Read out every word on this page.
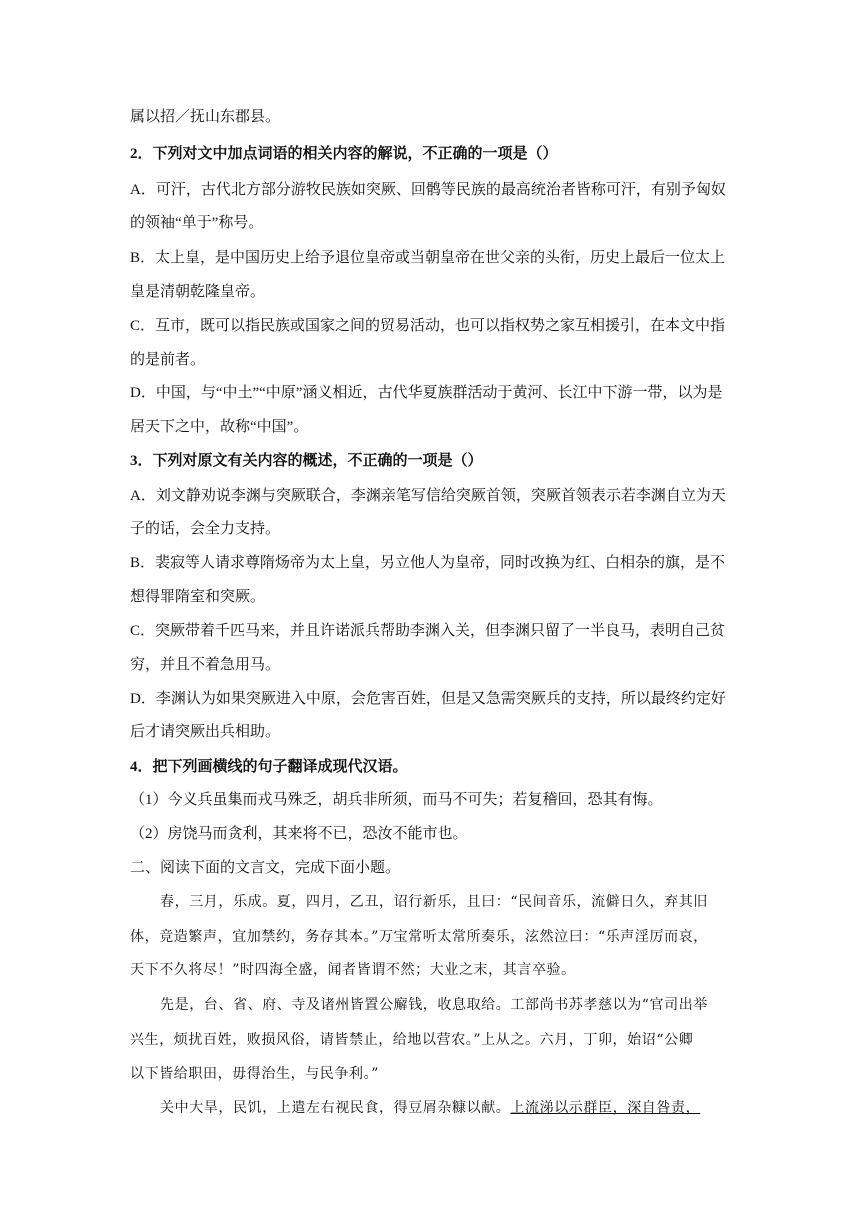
属以招／抚山东郡县。
2．下列对文中加点词语的相关内容的解说，不正确的一项是（）
A．可汗，古代北方部分游牧民族如突厥、回鹘等民族的最高统治者皆称可汗，有别予匈奴
的领袖“单于”称号。
B．太上皇，是中国历史上给予退位皇帝或当朝皇帝在世父亲的头衔，历史上最后一位太上
皇是清朝乾隆皇帝。
C．互市，既可以指民族或国家之间的贸易活动，也可以指权势之家互相援引，在本文中指
的是前者。
D．中国，与“中土”“中原”涵义相近，古代华夏族群活动于黄河、长江中下游一带，以为是
居天下之中，故称“中国”。
3．下列对原文有关内容的概述，不正确的一项是（）
A．刘文静劝说李渊与突厥联合，李渊亲笔写信给突厥首领，突厥首领表示若李渊自立为天
子的话，会全力支持。
B．裴寂等人请求尊隋炀帝为太上皇，另立他人为皇帝，同时改换为红、白相杂的旗，是不
想得罪隋室和突厥。
C．突厥带着千匹马来，并且许诺派兵帮助李渊入关，但李渊只留了一半良马，表明自己贫
穷，并且不着急用马。
D．李渊认为如果突厥进入中原，会危害百姓，但是又急需突厥兵的支持，所以最终约定好
后才请突厥出兵相助。
4．把下列画横线的句子翻译成现代汉语。
（1）今义兵虽集而戎马殊乏，胡兵非所须，而马不可失；若复稽回，恐其有悔。
（2）房饶马而贪利，其来将不已，恐汝不能市也。
二、阅读下面的文言文，完成下面小题。
春，三月，乐成。夏，四月，乙丑，诏行新乐，且曰：“民间音乐，流僻日久，弃其旧
体，竞造繁声，宜加禁约，务存其本。”万宝常听太常所奏乐，泫然泣曰：“乐声淫厉而哀，
天下不久将尽！”时四海全盛，闻者皆谓不然；大业之末，其言卒验。
先是，台、省、府、寺及诸州皆置公廨钱，收息取给。工部尚书苏孝慈以为“官司出举
兴生，烦扰百姓，败损风俗，请皆禁止，给地以营农。”上从之。六月，丁卯，始诏“公卿
以下皆给职田，毋得治生，与民争利。”
关中大旱，民饥，上遣左右视民食，得豆屑杂糠以献。上流涕以示群臣，深自咎责，
